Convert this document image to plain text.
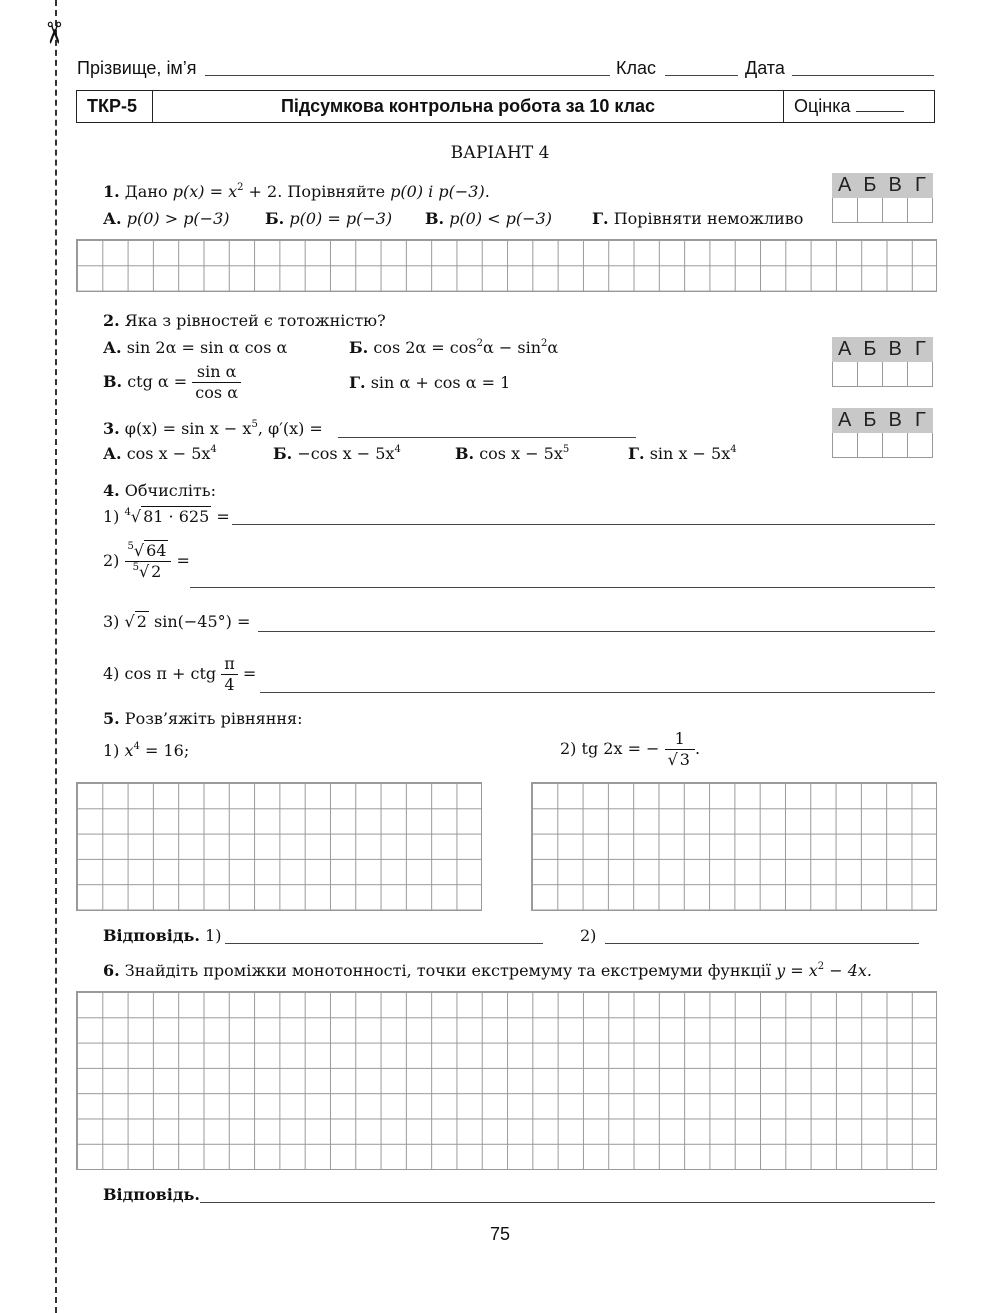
✂
Прізвище, ім’я	Клас	Дата
ТКР-5	Підсумкова контрольна робота за 10 клас	Оцінка
ВАРІАНТ 4
1. Дано $p(x) = x^2 + 2$. Порівняйте p(0) і p(−3).
А. p(0) > p(−3) Б. p(0) = p(−3) В. p(0) < p(−3)	Г. Порівняти неможливо
А Б В Г
2. Яка з рівностей є тотожністю?
А. sin 2α = sin α cos α	Б. $\cos 2\alpha = \cos^2\alpha - \sin^2\alpha$
В. ctg $\alpha = \frac{\text{sin α}}{\text{cos α}}$	Г. sin α + cos α = 1
А Б В Г
3. $\varphi(x) = \sin x - x^5$, φ′(x) =
А. $\cos x - 5x^4$	Б. −cos $x - 5x^4$	В. $\cos x - 5x^5$	Г. $\sin x - 5x^4$
А Б В Г
4. Обчисліть:
1) $^4$√ 81 · 625 =
$2) \frac{^5√ 64}{^5√ 2}$ =
3) √ 2 sin(−45°) =
4) cos π + ctg $\frac{\pi}{4}$ =
5. Розв’яжіть рівняння:
1) $x^4 = 16$;	2) tg 2x = − $\frac{1}{√ 3}$ .
Відповідь. 1)	2)
6. Знайдіть проміжки монотонності, точки екстремуму та екстремуми функції $y = x^2 - 4x$.
Відповідь.
75
